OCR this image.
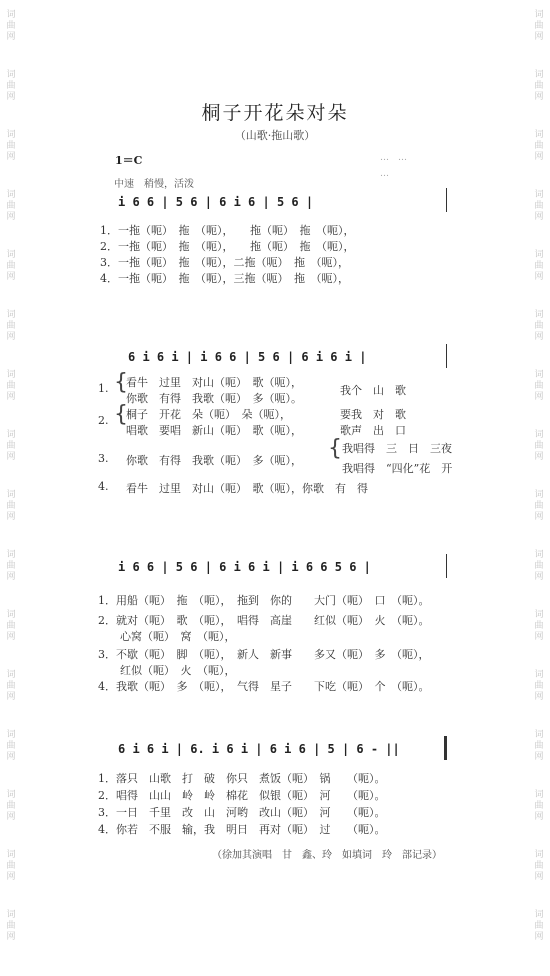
词
曲
网
词
曲
网
词
曲
网
词
曲
网
词
曲
网
词
曲
网
词
曲
网
词
曲
网
词
曲
网
词
曲
网
词
曲
网
词
曲
网
词
曲
网
词
曲
网
词
曲
网
词
曲
网
词
曲
网
词
曲
网
词
曲
网
词
曲
网
词
曲
网
词
曲
网
词
曲
网
词
曲
网
词
曲
网
词
曲
网
词
曲
网
词
曲
网
词
曲
网
词
曲
网
词
曲
网
词
曲
网
桐子开花朵对朵
（山歌·拖山歌）
1＝C
中速　稍慢，活泼
…　…
…
i 6 6 | 5 6 | 6 i 6 | 5 6 |
1．一拖（呃）　拖　（呃），　　拖（呃）　拖　（呃），
2．一拖（呃）　拖　（呃），　　拖（呃）　拖　（呃），
3．一拖（呃）　拖　（呃），二拖（呃）　拖　（呃），
4．一拖（呃）　拖　（呃），三拖（呃）　拖　（呃），
6 i 6 i | i 6 6 | 5 6 | 6 i 6 i |
{
1. 看牛　过里　对山（呃）　歌（呃），
你歌　有得　我歌（呃）　多（呃）。
我个　山　歌
{
2. 桐子　开花　朵（呃）　朵（呃），
唱歌　要唱　新山（呃）　歌（呃），
要我　对　歌
歌声　出　口
3. 你歌　有得　我歌（呃）　多（呃）， { 我唱得　三　日　三夜
我唱得　“四化”花　开
4. 看牛　过里　对山（呃）　歌（呃），你歌　有　得
i 6 6 | 5 6 | 6 i 6 i | i 6 6 5 6 |
1．用船（呃）　拖　（呃），　拖到　你的　　大门（呃）　口　（呃）。
2．就对（呃）　歌　（呃），　唱得　高崖　　红似（呃）　火　（呃）。
　　心窝（呃）　窝　（呃），
3．不歇（呃）　脚　（呃），　新人　新事　　多又（呃）　多　（呃），
　　红似（呃）　火　（呃），
4．我歌（呃）　多　（呃），　气得　星子　　下吃（呃）　个　（呃）。
6 i 6 i | 6. i 6 i | 6 i 6 | 5 | 6 - ||
1．落只　山歌　打　破　你只　煮饭（呃）　锅　　（呃）。
2．唱得　山山　岭　岭　棉花　似银（呃）　河　　（呃）。
3．一日　千里　改　山　河哟　改山（呃）　河　　（呃）。
4．你若　不服　输，我　明日　再对（呃）　过　　（呃）。
（徐加其演唱　甘　鑫、玲　如填词　玲　部记录）
